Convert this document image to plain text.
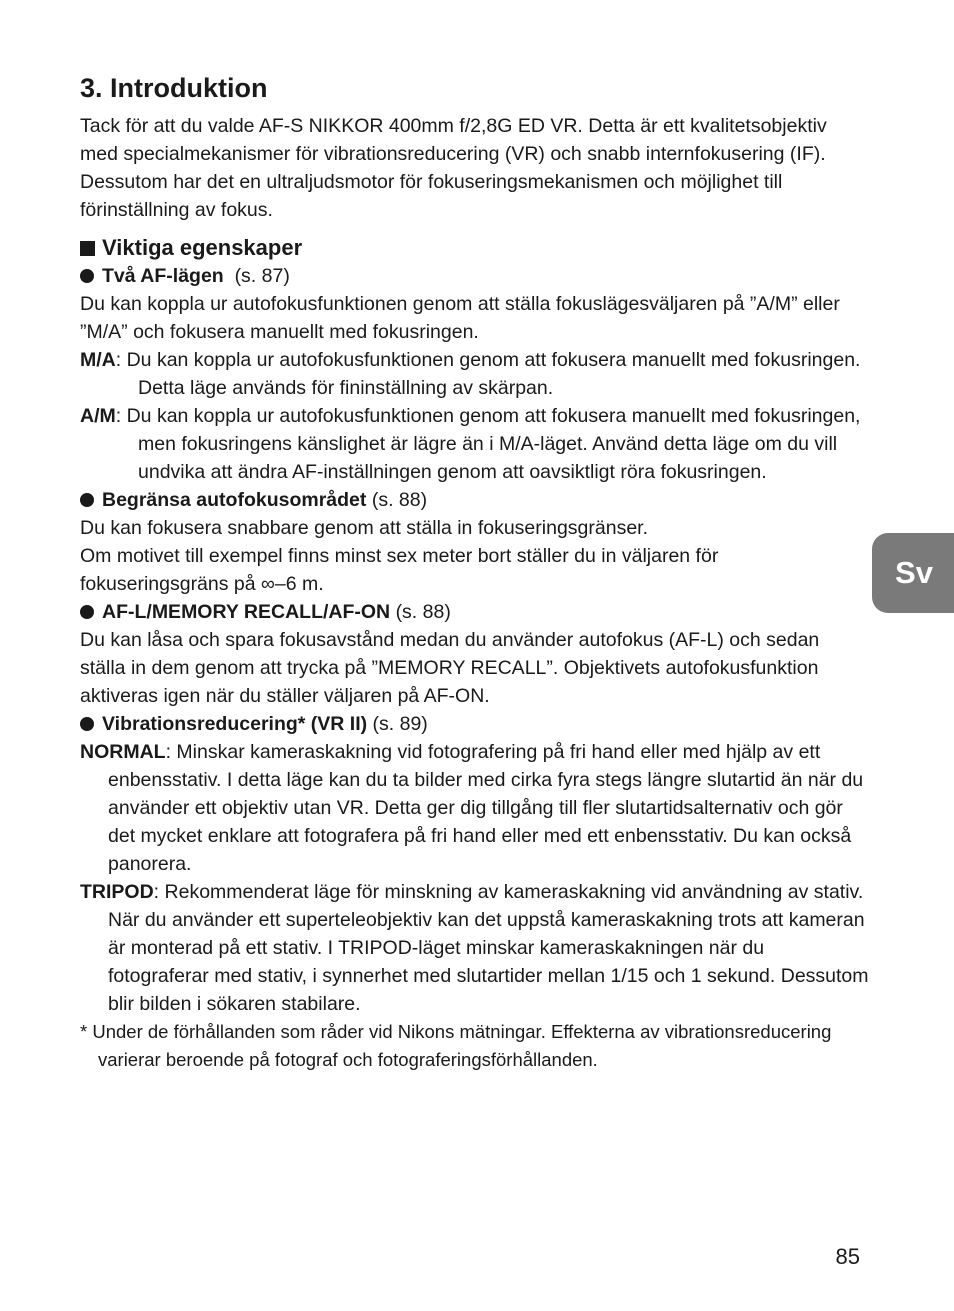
3. Introduktion

Tack för att du valde AF-S NIKKOR 400mm f/2,8G ED VR. Detta är ett kvalitetsobjektiv med specialmekanismer för vibrationsreducering (VR) och snabb internfokusering (IF). Dessutom har det en ultraljudsmotor för fokuseringsmekanismen och möjlighet till förinställning av fokus.

Viktiga egenskaper
Två AF-lägen
(s. 87)

Du kan koppla ur autofokusfunktionen genom att ställa fokuslägesväljaren på ”A/M” eller ”M/A” och fokusera manuellt med fokusringen.

M/A: Du kan koppla ur autofokusfunktionen genom att fokusera manuellt med fokusringen. Detta läge används för fininställning av skärpan.

A/M: Du kan koppla ur autofokusfunktionen genom att fokusera manuellt med fokusringen, men fokusringens känslighet är lägre än i M/A-läget. Använd detta läge om du vill undvika att ändra AF-inställningen genom att oavsiktligt röra fokusringen.

Begränsa autofokusområdet
(s. 88)

Du kan fokusera snabbare genom att ställa in fokuseringsgränser.

Om motivet till exempel finns minst sex meter bort ställer du in väljaren för fokuseringsgräns på ∞–6 m.

AF-L/MEMORY RECALL/AF-ON
(s. 88)

Du kan låsa och spara fokusavstånd medan du använder autofokus (AF-L) och sedan ställa in dem genom att trycka på ”MEMORY RECALL”. Objektivets autofokusfunktion aktiveras igen när du ställer väljaren på AF-ON.

Vibrationsreducering* (VR II)
(s. 89)

NORMAL: Minskar kameraskakning vid fotografering på fri hand eller med hjälp av ett enbensstativ. I detta läge kan du ta bilder med cirka fyra stegs längre slutartid än när du använder ett objektiv utan VR. Detta ger dig tillgång till fler slutartidsalternativ och gör det mycket enklare att fotografera på fri hand eller med ett enbensstativ. Du kan också panorera.

TRIPOD: Rekommenderat läge för minskning av kameraskakning vid användning av stativ. När du använder ett superteleobjektiv kan det uppstå kameraskakning trots att kameran är monterad på ett stativ. I TRIPOD-läget minskar kameraskakningen när du fotograferar med stativ, i synnerhet med slutartider mellan 1/15 och 1 sekund. Dessutom blir bilden i sökaren stabilare.

* Under de förhållanden som råder vid Nikons mätningar. Effekterna av vibrationsreducering varierar beroende på fotograf och fotograferingsförhållanden.

Sv
85
